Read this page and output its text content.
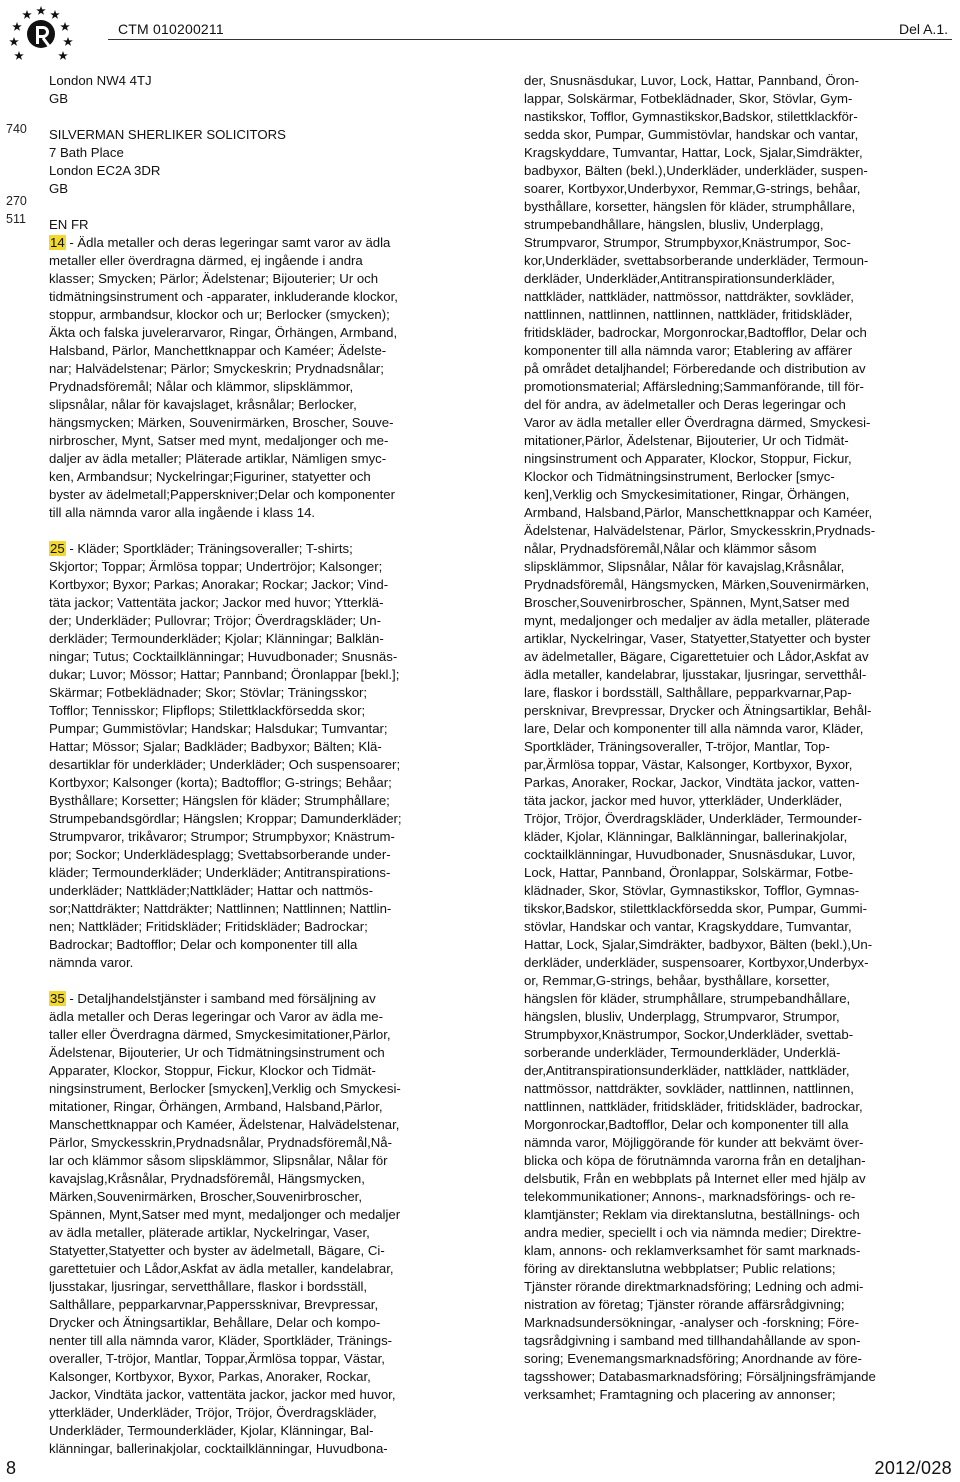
CTM 010200211	Del A.1.
740
270
511
London NW4 4TJ
GB
SILVERMAN SHERLIKER SOLICITORS
7 Bath Place
London EC2A 3DR
GB
EN FR
14 - Ädla metaller och deras legeringar samt varor av ädla
metaller eller överdragna därmed, ej ingående i andra
klasser; Smycken; Pärlor; Ädelstenar; Bijouterier; Ur och
tidmätningsinstrument och -apparater, inkluderande klockor,
stoppur, armbandsur, klockor och ur; Berlocker (smycken);
Äkta och falska juvelerarvaror, Ringar, Örhängen, Armband,
Halsband, Pärlor, Manchettknappar och Kaméer; Ädelste-
nar; Halvädelstenar; Pärlor; Smyckeskrin; Prydnadsnålar;
Prydnadsföremål; Nålar och klämmor, slipsklämmor,
slipsnålar, nålar för kavajslaget, kråsnålar; Berlocker,
hängsmycken; Märken, Souvenirmärken, Broscher, Souve-
nirbroscher, Mynt, Satser med mynt, medaljonger och me-
daljer av ädla metaller; Pläterade artiklar, Nämligen smyc-
ken, Armbandsur; Nyckelringar;Figuriner, statyetter och
byster av ädelmetall;Papperskniver;Delar och komponenter
till alla nämnda varor alla ingående i klass 14.
25 - Kläder; Sportkläder; Träningsoveraller; T-shirts;
Skjortor; Toppar; Ärmlösa toppar; Undertröjor; Kalsonger;
Kortbyxor; Byxor; Parkas; Anorakar; Rockar; Jackor; Vind-
täta jackor; Vattentäta jackor; Jackor med huvor; Ytterklä-
der; Underkläder; Pullovrar; Tröjor; Överdragskläder; Un-
derkläder; Termounderkläder; Kjolar; Klänningar; Balklän-
ningar; Tutus; Cocktailklänningar; Huvudbonader; Snusnäs-
dukar; Luvor; Mössor; Hattar; Pannband; Öronlappar [bekl.];
Skärmar; Fotbeklädnader; Skor; Stövlar; Träningsskor;
Tofflor; Tennisskor; Flipflops; Stilettklackförsedda skor;
Pumpar; Gummistövlar; Handskar; Halsdukar; Tumvantar;
Hattar; Mössor; Sjalar; Badkläder; Badbyxor; Bälten; Klä-
desartiklar för underkläder; Underkläder; Och suspensoarer;
Kortbyxor; Kalsonger (korta); Badtofflor; G-strings; Behåar;
Bysthållare; Korsetter; Hängslen för kläder; Strumphållare;
Strumpebandsgördlar; Hängslen; Kroppar; Damunderkläder;
Strumpvaror, trikåvaror; Strumpor; Strumpbyxor; Knästrum-
por; Sockor; Underklädesplagg; Svettabsorberande under-
kläder; Termounderkläder; Underkläder; Antitranspirations-
underkläder; Nattkläder;Nattkläder; Hattar och nattmös-
sor;Nattdräkter; Nattdräkter; Nattlinnen; Nattlinnen; Nattlin-
nen; Nattkläder; Fritidskläder; Fritidskläder; Badrockar;
Badrockar; Badtofflor; Delar och komponenter till alla
nämnda varor.
35 - Detaljhandelstjänster i samband med försäljning av
ädla metaller och Deras legeringar och Varor av ädla me-
taller eller Överdragna därmed, Smyckesimitationer,Pärlor,
Ädelstenar, Bijouterier, Ur och Tidmätningsinstrument och
Apparater, Klockor, Stoppur, Fickur, Klockor och Tidmät-
ningsinstrument, Berlocker [smycken],Verklig och Smyckesi-
mitationer, Ringar, Örhängen, Armband, Halsband,Pärlor,
Manschettknappar och Kaméer, Ädelstenar, Halvädelstenar,
Pärlor, Smyckesskrin,Prydnadsnålar, Prydnadsföremål,Nå-
lar och klämmor såsom slipsklämmor, Slipsnålar, Nålar för
kavajslag,Kråsnålar, Prydnadsföremål, Hängsmycken,
Märken,Souvenirmärken, Broscher,Souvenirbroscher,
Spännen, Mynt,Satser med mynt, medaljonger och medaljer
av ädla metaller, pläterade artiklar, Nyckelringar, Vaser,
Statyetter,Statyetter och byster av ädelmetall, Bägare, Ci-
garettetuier och Lådor,Askfat av ädla metaller, kandelabrar,
ljusstakar, ljusringar, servetthållare, flaskor i bordsställ,
Salthållare, pepparkarvnar,Papperssknivar, Brevpressar,
Drycker och Ätningsartiklar, Behållare, Delar och kompo-
nenter till alla nämnda varor, Kläder, Sportkläder, Tränings-
overaller, T-tröjor, Mantlar, Toppar,Ärmlösa toppar, Västar,
Kalsonger, Kortbyxor, Byxor, Parkas, Anoraker, Rockar,
Jackor, Vindtäta jackor, vattentäta jackor, jackor med huvor,
ytterkläder, Underkläder, Tröjor, Tröjor, Överdragskläder,
Underkläder, Termounderkläder, Kjolar, Klänningar, Bal-
klänningar, ballerinakjolar, cocktailklänningar, Huvudbona-
der, Snusnäsdukar, Luvor, Lock, Hattar, Pannband, Öron-
lappar, Solskärmar, Fotbeklädnader, Skor, Stövlar, Gym-
nastikskor, Tofflor, Gymnastikskor,Badskor, stilettklackför-
sedda skor, Pumpar, Gummistövlar, handskar och vantar,
Kragskyddare, Tumvantar, Hattar, Lock, Sjalar,Simdräkter,
badbyxor, Bälten (bekl.),Underkläder, underkläder, suspen-
soarer, Kortbyxor,Underbyxor, Remmar,G-strings, behåar,
bysthållare, korsetter, hängslen för kläder, strumphållare,
strumpebandhållare, hängslen, blusliv, Underplagg,
Strumpvaror, Strumpor, Strumpbyxor,Knästrumpor, Soc-
kor,Underkläder, svettabsorberande underkläder, Termoun-
derkläder, Underkläder,Antitranspirationsunderkläder,
nattkläder, nattkläder, nattmössor, nattdräkter, sovkläder,
nattlinnen, nattlinnen, nattlinnen, nattkläder, fritidskläder,
fritidskläder, badrockar, Morgonrockar,Badtofflor, Delar och
komponenter till alla nämnda varor; Etablering av affärer
på området detaljhandel; Förberedande och distribution av
promotionsmaterial; Affärsledning;Sammanförande, till för-
del för andra, av ädelmetaller och Deras legeringar och
Varor av ädla metaller eller Överdragna därmed, Smyckesi-
mitationer,Pärlor, Ädelstenar, Bijouterier, Ur och Tidmät-
ningsinstrument och Apparater, Klockor, Stoppur, Fickur,
Klockor och Tidmätningsinstrument, Berlocker [smyc-
ken],Verklig och Smyckesimitationer, Ringar, Örhängen,
Armband, Halsband,Pärlor, Manschettknappar och Kaméer,
Ädelstenar, Halvädelstenar, Pärlor, Smyckesskrin,Prydnads-
nålar, Prydnadsföremål,Nålar och klämmor såsom
slipsklämmor, Slipsnålar, Nålar för kavajslag,Kråsnålar,
Prydnadsföremål, Hängsmycken, Märken,Souvenirmärken,
Broscher,Souvenirbroscher, Spännen, Mynt,Satser med
mynt, medaljonger och medaljer av ädla metaller, pläterade
artiklar, Nyckelringar, Vaser, Statyetter,Statyetter och byster
av ädelmetaller, Bägare, Cigarettetuier och Lådor,Askfat av
ädla metaller, kandelabrar, ljusstakar, ljusringar, servetthål-
lare, flaskor i bordsställ, Salthållare, pepparkvarnar,Pap-
persknivar, Brevpressar, Drycker och Ätningsartiklar, Behål-
lare, Delar och komponenter till alla nämnda varor, Kläder,
Sportkläder, Träningsoveraller, T-tröjor, Mantlar, Top-
par,Ärmlösa toppar, Västar, Kalsonger, Kortbyxor, Byxor,
Parkas, Anoraker, Rockar, Jackor, Vindtäta jackor, vatten-
täta jackor, jackor med huvor, ytterkläder, Underkläder,
Tröjor, Tröjor, Överdragskläder, Underkläder, Termounder-
kläder, Kjolar, Klänningar, Balklänningar, ballerinakjolar,
cocktailklänningar, Huvudbonader, Snusnäsdukar, Luvor,
Lock, Hattar, Pannband, Öronlappar, Solskärmar, Fotbe-
klädnader, Skor, Stövlar, Gymnastikskor, Tofflor, Gymnas-
tikskor,Badskor, stilettklackförsedda skor, Pumpar, Gummi-
stövlar, Handskar och vantar, Kragskyddare, Tumvantar,
Hattar, Lock, Sjalar,Simdräkter, badbyxor, Bälten (bekl.),Un-
derkläder, underkläder, suspensoarer, Kortbyxor,Underbyx-
or, Remmar,G-strings, behåar, bysthållare, korsetter,
hängslen för kläder, strumphållare, strumpebandhållare,
hängslen, blusliv, Underplagg, Strumpvaror, Strumpor,
Strumpbyxor,Knästrumpor, Sockor,Underkläder, svettab-
sorberande underkläder, Termounderkläder, Underklä-
der,Antitranspirationsunderkläder, nattkläder, nattkläder,
nattmössor, nattdräkter, sovkläder, nattlinnen, nattlinnen,
nattlinnen, nattkläder, fritidskläder, fritidskläder, badrockar,
Morgonrockar,Badtofflor, Delar och komponenter till alla
nämnda varor, Möjliggörande för kunder att bekvämt över-
blicka och köpa de förutnämnda varorna från en detaljhan-
delsbutik, Från en webbplats på Internet eller med hjälp av
telekommunikationer; Annons-, marknadsförings- och re-
klamtjänster; Reklam via direktanslutna, beställnings- och
andra medier, speciellt i och via nämnda medier; Direktre-
klam, annons- och reklamverksamhet för samt marknads-
föring av direktanslutna webbplatser; Public relations;
Tjänster rörande direktmarknadsföring; Ledning och admi-
nistration av företag; Tjänster rörande affärsrådgivning;
Marknadsundersökningar, -analyser och -forskning; Före-
tagsrådgivning i samband med tillhandahållande av spon-
soring; Evenemangsmarknadsföring; Anordnande av före-
tagsshower; Databasmarknadsföring; Försäljningsfrämjande
verksamhet; Framtagning och placering av annonser;
8	2012/028
